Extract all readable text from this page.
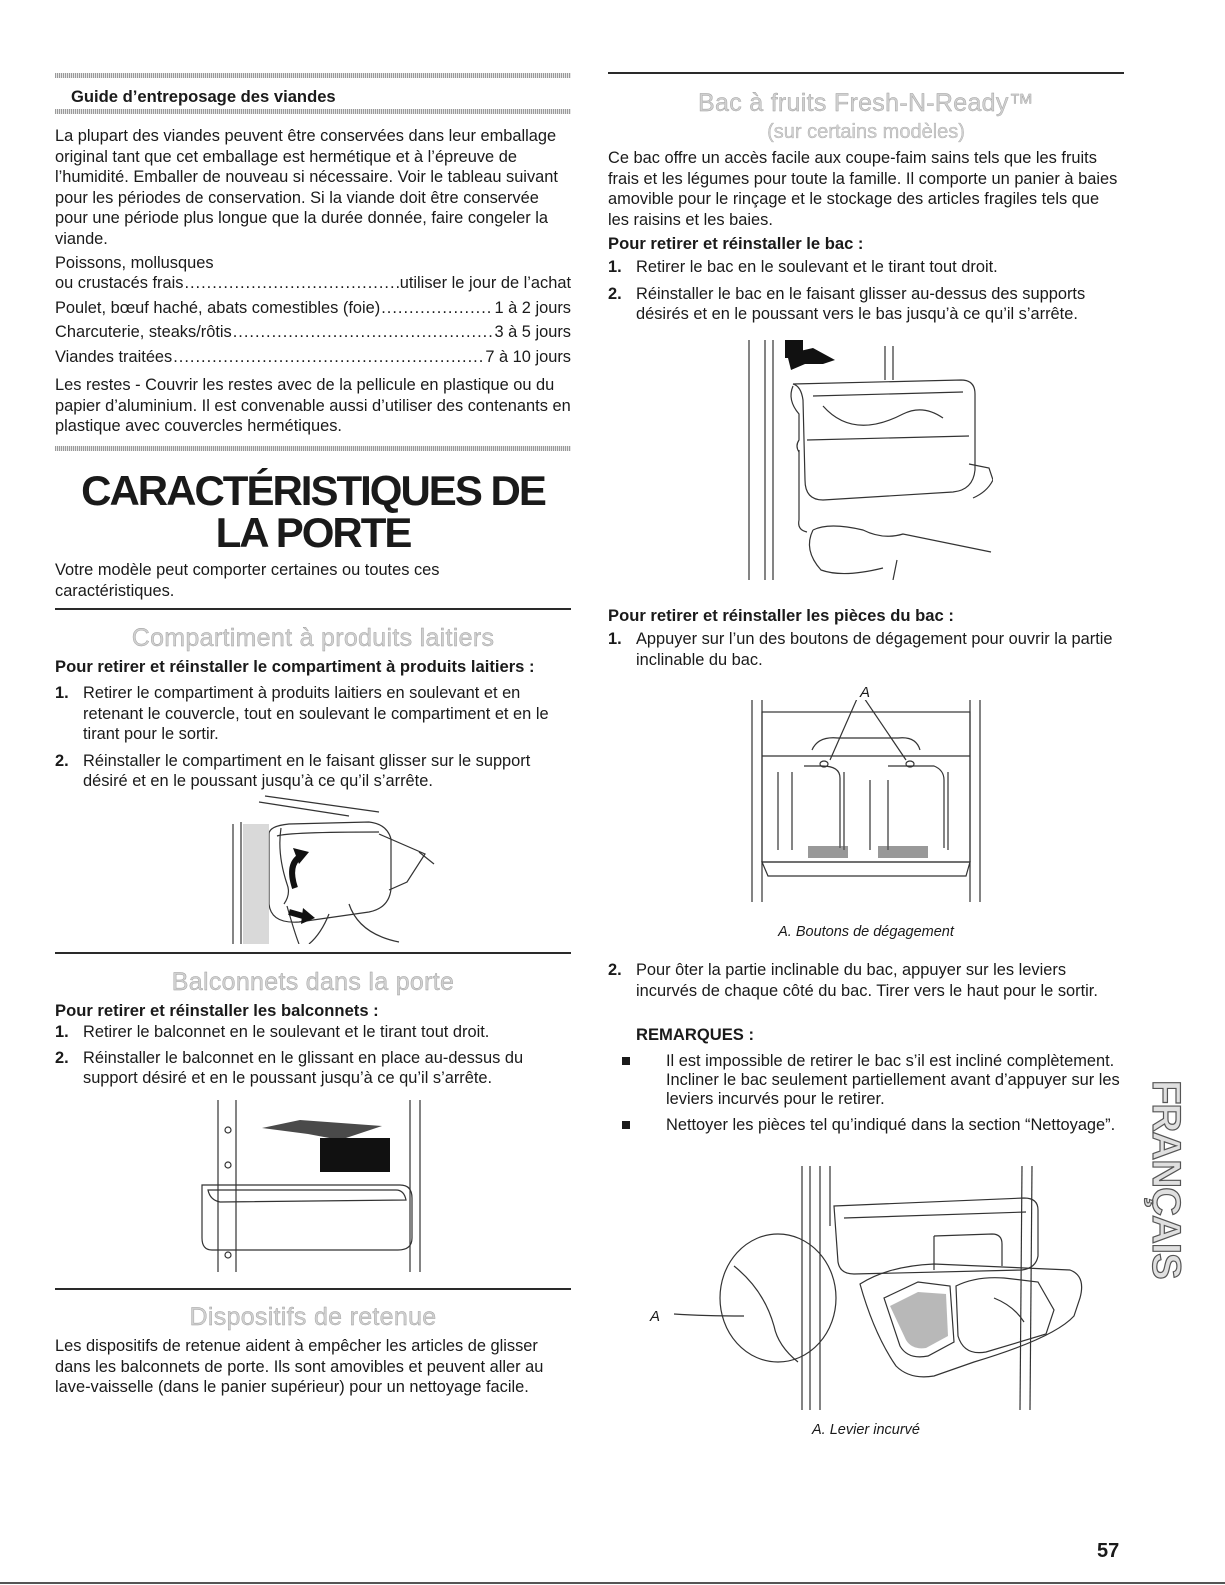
Guide d’entreposage des viandes

La plupart des viandes peuvent être conservées dans leur emballage original tant que cet emballage est hermétique et à l’épreuve de l’humidité. Emballer de nouveau si nécessaire. Voir le tableau suivant pour les périodes de conservation. Si la viande doit être conservée pour une période plus longue que la durée donnée, faire congeler la viande.

Poissons, mollusques

ou crustacés frais .....	utiliser le jour de l’achat
Poulet, bœuf haché, abats comestibles (foie) .....	1 à 2 jours
Charcuterie, steaks/rôtis .....	3 à 5 jours
Viandes traitées .....	7 à 10 jours

Les restes - Couvrir les restes avec de la pellicule en plastique ou du papier d’aluminium. Il est convenable aussi d’utiliser des contenants en plastique avec couvercles hermétiques.

CARACTÉRISTIQUES DE
LA PORTE

Votre modèle peut comporter certaines ou toutes ces caractéristiques.

Compartiment à produits laitiers
Pour retirer et réinstaller le compartiment à produits laitiers :
1. Retirer le compartiment à produits laitiers en soulevant et en retenant le couvercle, tout en soulevant le compartiment et en le tirant pour le sortir.
2. Réinstaller le compartiment en le faisant glisser sur le support désiré et en le poussant jusqu’à ce qu’il s’arrête.
Balconnets dans la porte
Pour retirer et réinstaller les balconnets :
1. Retirer le balconnet en le soulevant et le tirant tout droit.
2. Réinstaller le balconnet en le glissant en place au-dessus du support désiré et en le poussant jusqu’à ce qu’il s’arrête.
Dispositifs de retenue

Les dispositifs de retenue aident à empêcher les articles de glisser dans les balconnets de porte. Ils sont amovibles et peuvent aller au lave-vaisselle (dans le panier supérieur) pour un nettoyage facile.

Bac à fruits Fresh-N-Ready™
(sur certains modèles)

Ce bac offre un accès facile aux coupe-faim sains tels que les fruits frais et les légumes pour toute la famille. Il comporte un panier à baies amovible pour le rinçage et le stockage des articles fragiles tels que les raisins et les baies.

Pour retirer et réinstaller le bac :
1. Retirer le bac en le soulevant et le tirant tout droit.
2. Réinstaller le bac en le faisant glisser au-dessus des supports désirés et en le poussant vers le bas jusqu’à ce qu’il s’arrête.
Pour retirer et réinstaller les pièces du bac :
1. Appuyer sur l’un des boutons de dégagement pour ouvrir la partie inclinable du bac.
A
A. Boutons de dégagement
2. Pour ôter la partie inclinable du bac, appuyer sur les leviers incurvés de chaque côté du bac. Tirer vers le haut pour le sortir.
REMARQUES :
Il est impossible de retirer le bac s’il est incliné complètement. Incliner le bac seulement partiellement avant d’appuyer sur les leviers incurvés pour le retirer.
Nettoyer les pièces tel qu’indiqué dans la section “Nettoyage”.
A
A. Levier incurvé
FRANÇAIS
57
